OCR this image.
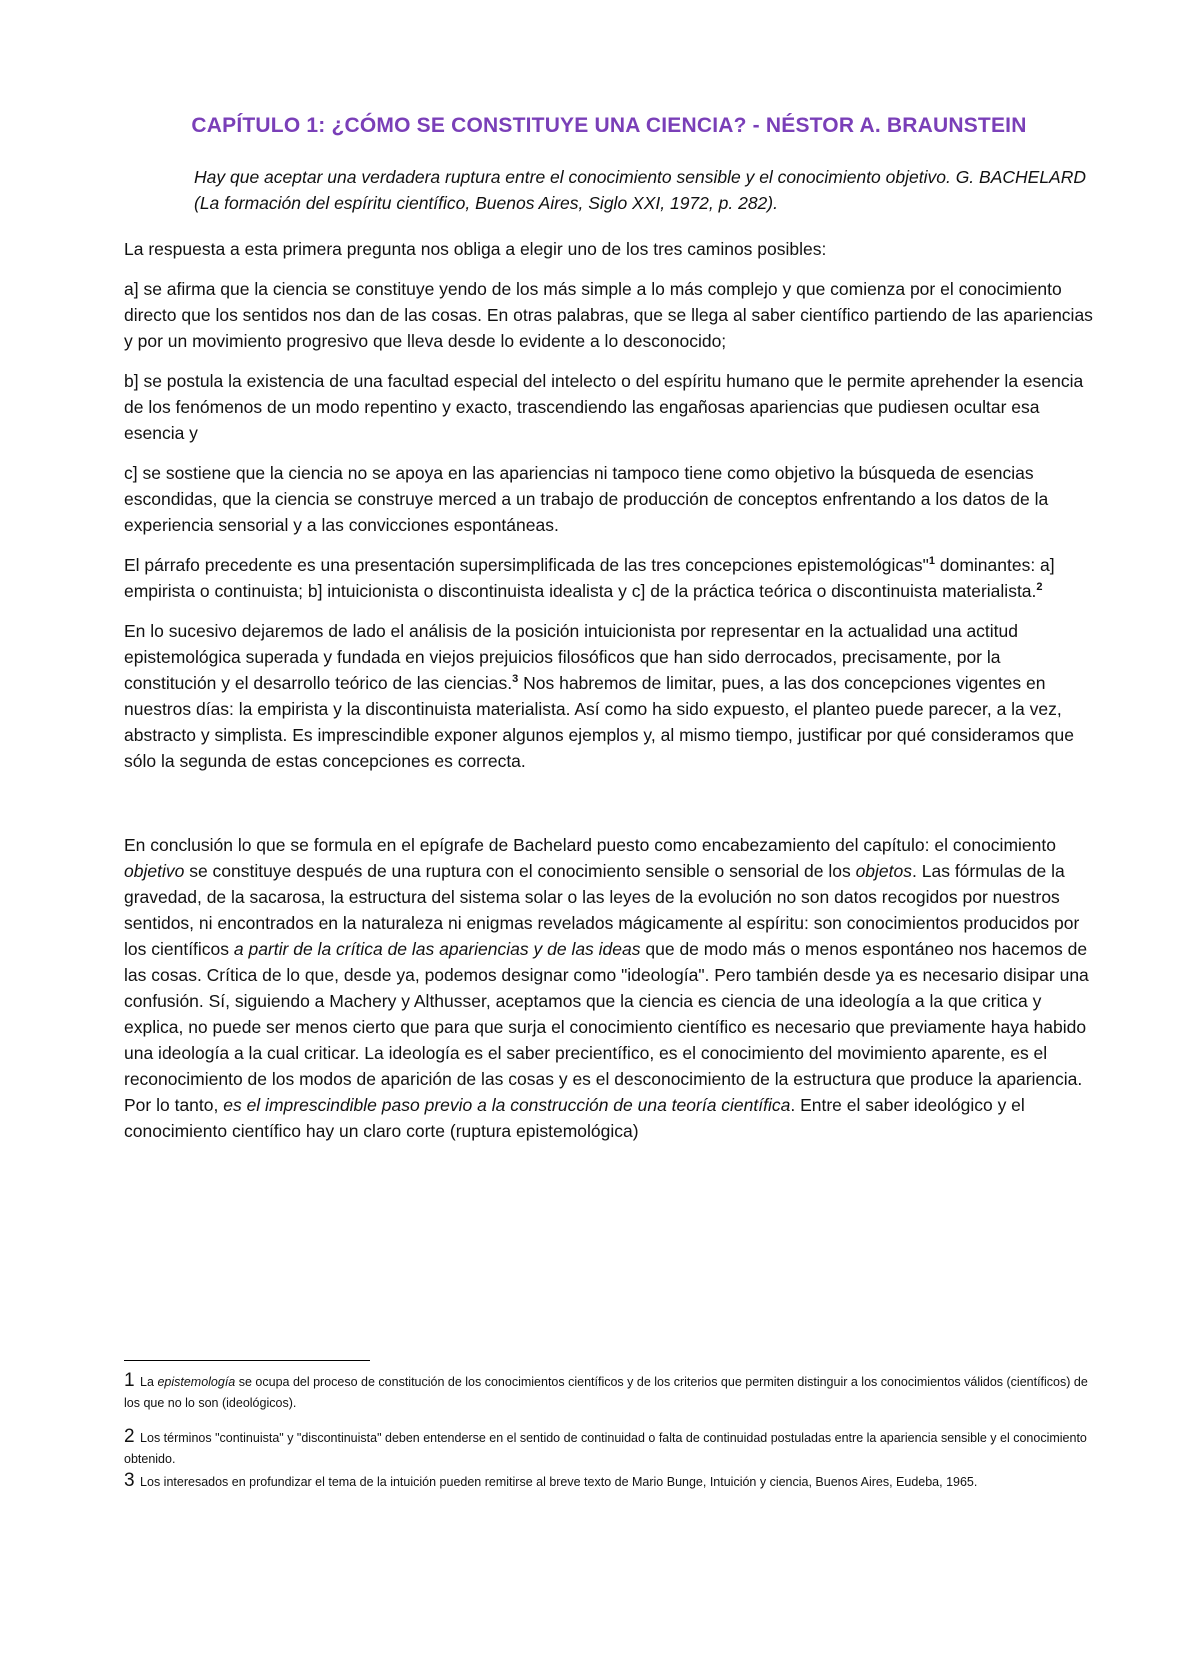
CAPÍTULO 1: ¿CÓMO SE CONSTITUYE UNA CIENCIA? - NÉSTOR A. BRAUNSTEIN
Hay que aceptar una verdadera ruptura entre el conocimiento sensible y el conocimiento objetivo. G. BACHELARD (La formación del espíritu científico, Buenos Aires, Siglo XXI, 1972, p. 282).

La respuesta a esta primera pregunta nos obliga a elegir uno de los tres caminos posibles:

a] se afirma que la ciencia se constituye yendo de los más simple a lo más complejo y que comienza por el conocimiento directo que los sentidos nos dan de las cosas. En otras palabras, que se llega al saber científico partiendo de las apariencias y por un movimiento progresivo que lleva desde lo evidente a lo desconocido;

b] se postula la existencia de una facultad especial del intelecto o del espíritu humano que le permite aprehender la esencia de los fenómenos de un modo repentino y exacto, trascendiendo las engañosas apariencias que pudiesen ocultar esa esencia y

c] se sostiene que la ciencia no se apoya en las apariencias ni tampoco tiene como objetivo la búsqueda de esencias escondidas, que la ciencia se construye merced a un trabajo de producción de conceptos enfrentando a los datos de la experiencia sensorial y a las convicciones espontáneas.

El párrafo precedente es una presentación supersimplificada de las tres concepciones epistemológicas"$^1$ dominantes: a] empirista o continuista; b] intuicionista o discontinuista idealista y c] de la práctica teórica o discontinuista materialista.$^2$

En lo sucesivo dejaremos de lado el análisis de la posición intuicionista por representar en la actualidad una actitud epistemológica superada y fundada en viejos prejuicios filosóficos que han sido derrocados, precisamente, por la constitución y el desarrollo teórico de las ciencias.$^3$ Nos habremos de limitar, pues, a las dos concepciones vigentes en nuestros días: la empirista y la discontinuista materialista. Así como ha sido expuesto, el planteo puede parecer, a la vez, abstracto y simplista. Es imprescindible exponer algunos ejemplos y, al mismo tiempo, justificar por qué consideramos que sólo la segunda de estas concepciones es correcta.

En conclusión lo que se formula en el epígrafe de Bachelard puesto como encabezamiento del capítulo: el conocimiento objetivo se constituye después de una ruptura con el conocimiento sensible o sensorial de los objetos. Las fórmulas de la gravedad, de la sacarosa, la estructura del sistema solar o las leyes de la evolución no son datos recogidos por nuestros sentidos, ni encontrados en la naturaleza ni enigmas revelados mágicamente al espíritu: son conocimientos producidos por los científicos a partir de la crítica de las apariencias y de las ideas que de modo más o menos espontáneo nos hacemos de las cosas. Crítica de lo que, desde ya, podemos designar como "ideología". Pero también desde ya es necesario disipar una confusión. Sí, siguiendo a Machery y Althusser, aceptamos que la ciencia es ciencia de una ideología a la que critica y explica, no puede ser menos cierto que para que surja el conocimiento científico es necesario que previamente haya habido una ideología a la cual criticar. La ideología es el saber precientífico, es el conocimiento del movimiento aparente, es el reconocimiento de los modos de aparición de las cosas y es el desconocimiento de la estructura que produce la apariencia. Por lo tanto, es el imprescindible paso previo a la construcción de una teoría científica. Entre el saber ideológico y el conocimiento científico hay un claro corte (ruptura epistemológica)

1 La epistemología se ocupa del proceso de constitución de los conocimientos científicos y de los criterios que permiten distinguir a los conocimientos válidos (científicos) de los que no lo son (ideológicos).

2 Los términos "continuista" y "discontinuista" deben entenderse en el sentido de continuidad o falta de continuidad postuladas entre la apariencia sensible y el conocimiento obtenido.

3 Los interesados en profundizar el tema de la intuición pueden remitirse al breve texto de Mario Bunge, Intuición y ciencia, Buenos Aires, Eudeba, 1965.
